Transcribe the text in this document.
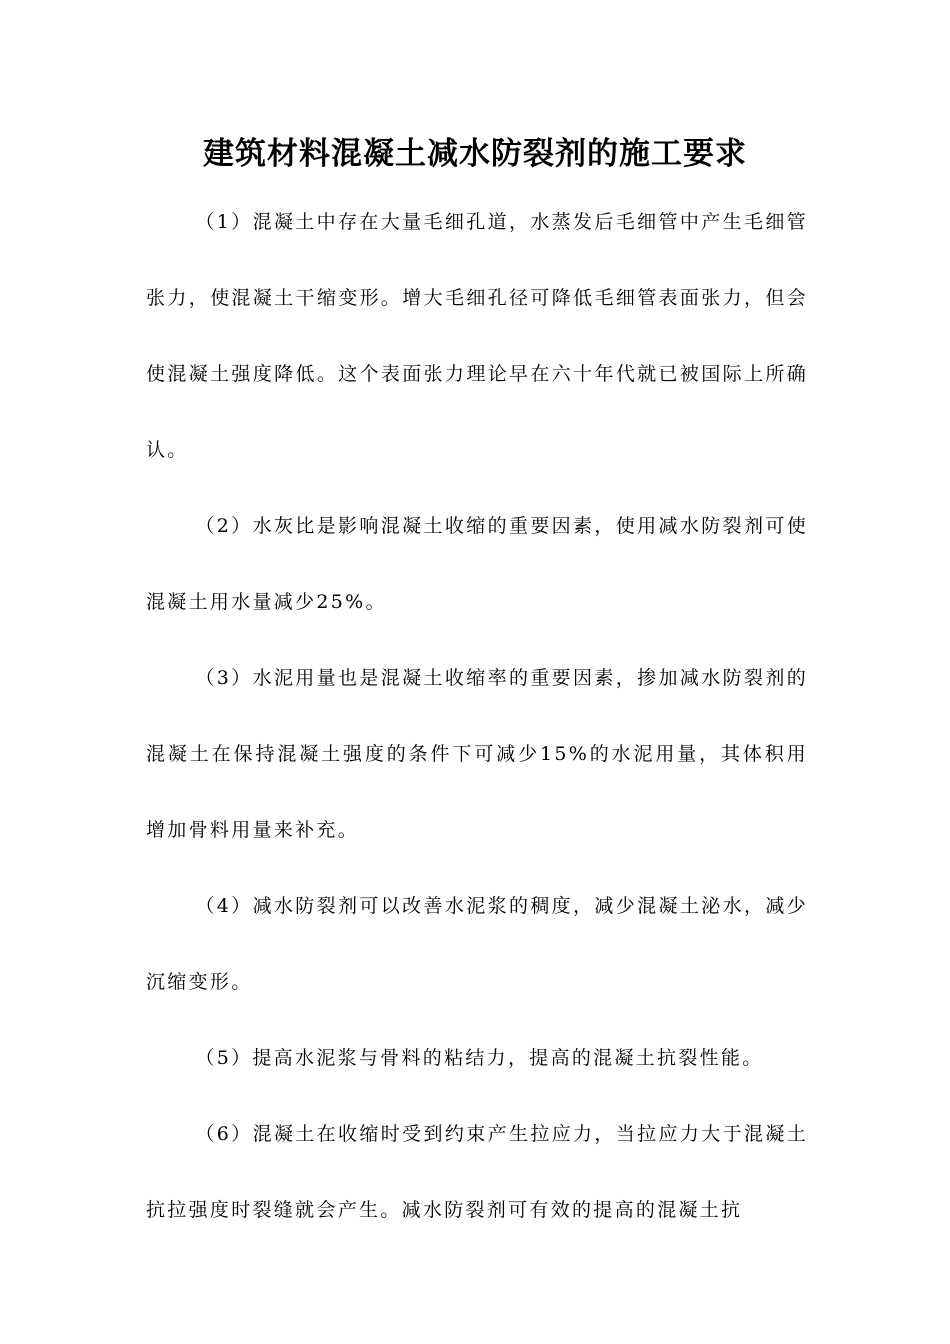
建筑材料混凝土减水防裂剂的施工要求

（1）混凝土中存在大量毛细孔道，水蒸发后毛细管中产生毛细管张力，使混凝土干缩变形。增大毛细孔径可降低毛细管表面张力，但会使混凝土强度降低。这个表面张力理论早在六十年代就已被国际上所确认。

（2）水灰比是影响混凝土收缩的重要因素，使用减水防裂剂可使混凝土用水量减少25%。

（3）水泥用量也是混凝土收缩率的重要因素，掺加减水防裂剂的混凝土在保持混凝土强度的条件下可减少15%的水泥用量，其体积用增加骨料用量来补充。

（4）减水防裂剂可以改善水泥浆的稠度，减少混凝土泌水，减少沉缩变形。

（5）提高水泥浆与骨料的粘结力，提高的混凝土抗裂性能。

（6）混凝土在收缩时受到约束产生拉应力，当拉应力大于混凝土抗拉强度时裂缝就会产生。减水防裂剂可有效的提高的混凝土抗
